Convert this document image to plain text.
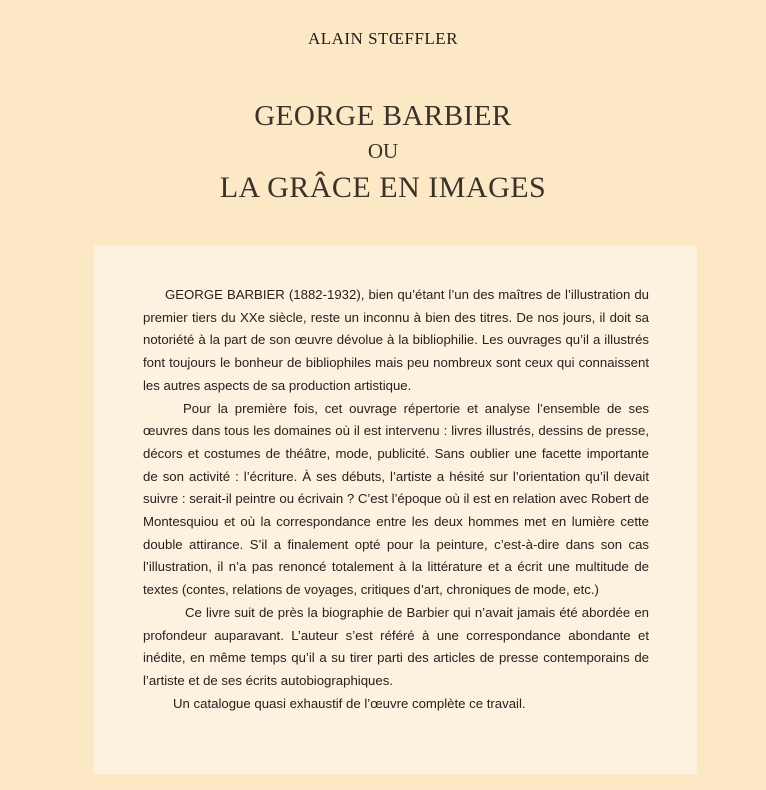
ALAIN STŒFFLER
GEORGE BARBIER
OU
LA GRÂCE EN IMAGES

GEORGE BARBIER (1882-1932), bien qu’étant l’un des maîtres de l’illustration du premier tiers du XXe siècle, reste un inconnu à bien des titres. De nos jours, il doit sa notoriété à la part de son œuvre dévolue à la bibliophilie. Les ouvrages qu’il a illustrés font toujours le bonheur de bibliophiles mais peu nombreux sont ceux qui connaissent les autres aspects de sa production artistique.

Pour la première fois, cet ouvrage répertorie et analyse l’ensemble de ses œuvres dans tous les domaines où il est intervenu : livres illustrés, dessins de presse, décors et costumes de théâtre, mode, publicité. Sans oublier une facette importante de son activité : l’écriture. À ses débuts, l’artiste a hésité sur l’orientation qu’il devait suivre : serait-il peintre ou écrivain ? C’est l’époque où il est en relation avec Robert de Montesquiou et où la correspondance entre les deux hommes met en lumière cette double attirance. S’il a finalement opté pour la peinture, c’est-à-dire dans son cas l’illustration, il n’a pas renoncé totalement à la littérature et a écrit une multitude de textes (contes, relations de voyages, critiques d’art, chroniques de mode, etc.)

Ce livre suit de près la biographie de Barbier qui n’avait jamais été abordée en profondeur auparavant. L’auteur s’est référé à une correspondance abondante et inédite, en même temps qu’il a su tirer parti des articles de presse contemporains de l’artiste et de ses écrits autobiographiques.

Un catalogue quasi exhaustif de l’œuvre complète ce travail.
